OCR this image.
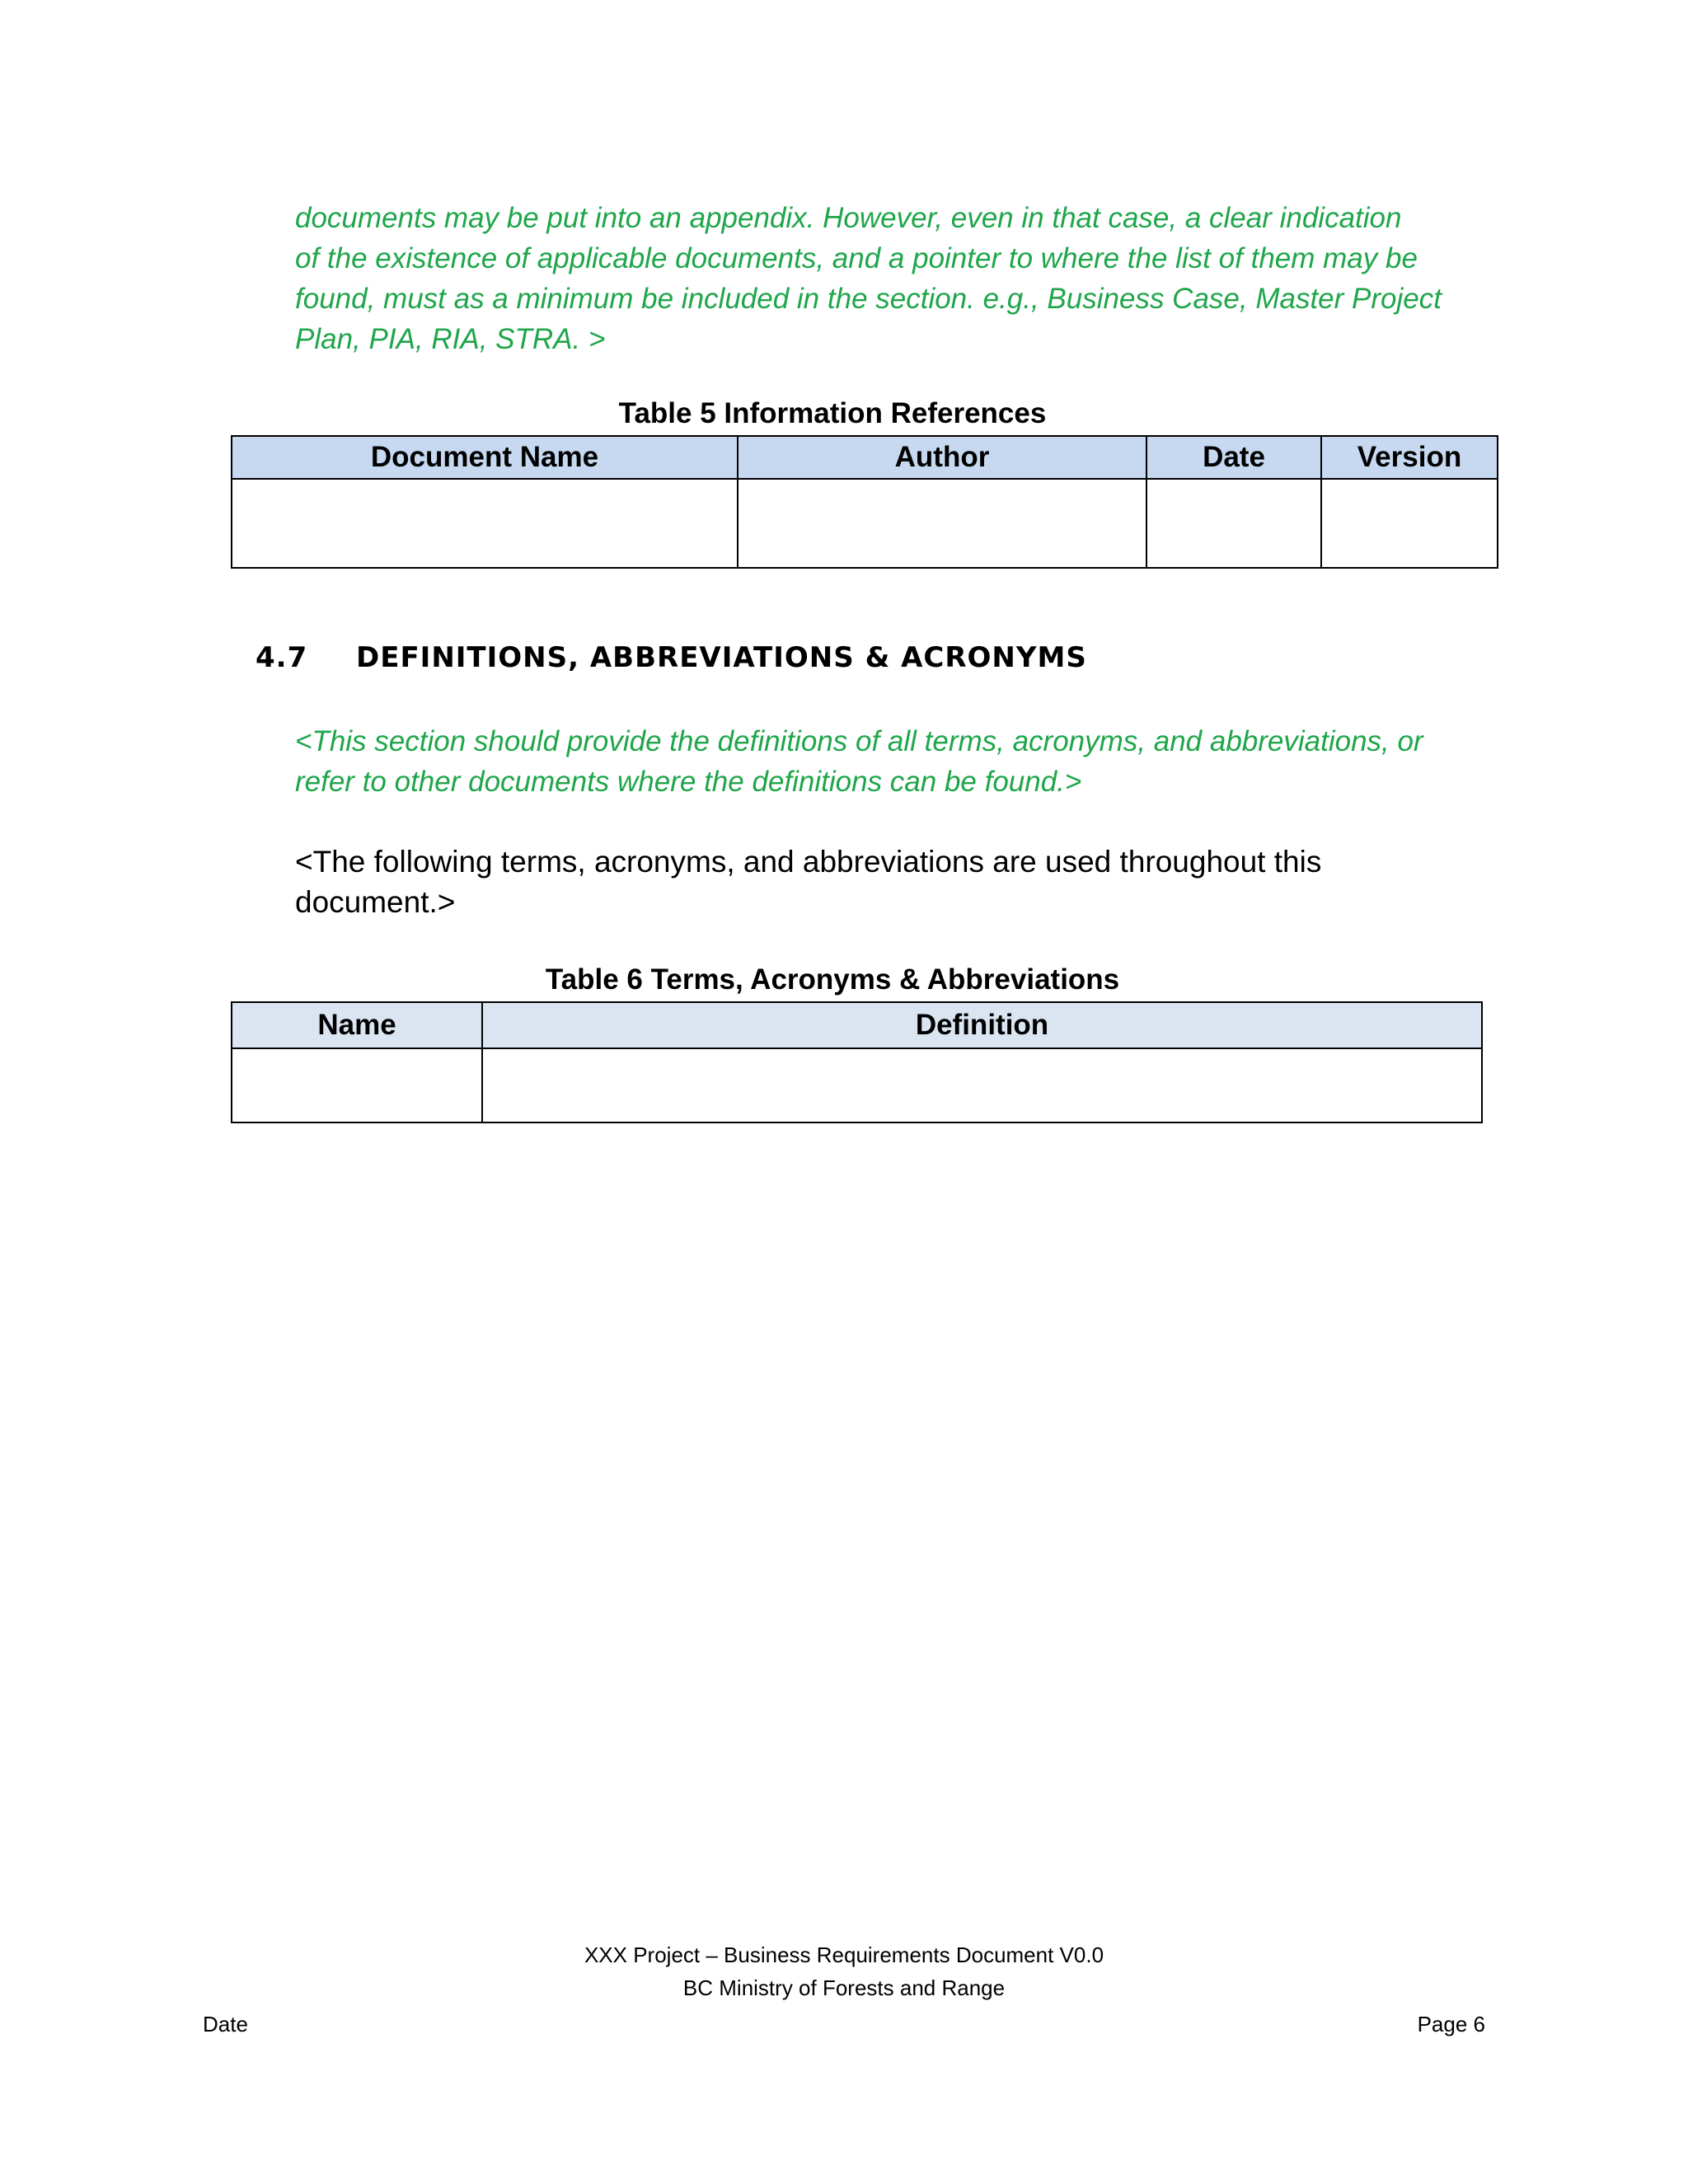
documents may be put into an appendix. However, even in that case, a clear indication
of the existence of applicable documents, and a pointer to where the list of them may be
found, must as a minimum be included in the section. e.g., Business Case, Master Project
Plan, PIA, RIA, STRA. >

Table 5 Information References

Document Name	Author	Date	Version

4.7 DEFINITIONS, ABBREVIATIONS & ACRONYMS

<This section should provide the definitions of all terms, acronyms, and abbreviations, or
refer to other documents where the definitions can be found.>

<The following terms, acronyms, and abbreviations are used throughout this
document.>

Table 6 Terms, Acronyms & Abbreviations

Name	Definition

XXX Project – Business Requirements Document V0.0

BC Ministry of Forests and Range

Date	Page 6
